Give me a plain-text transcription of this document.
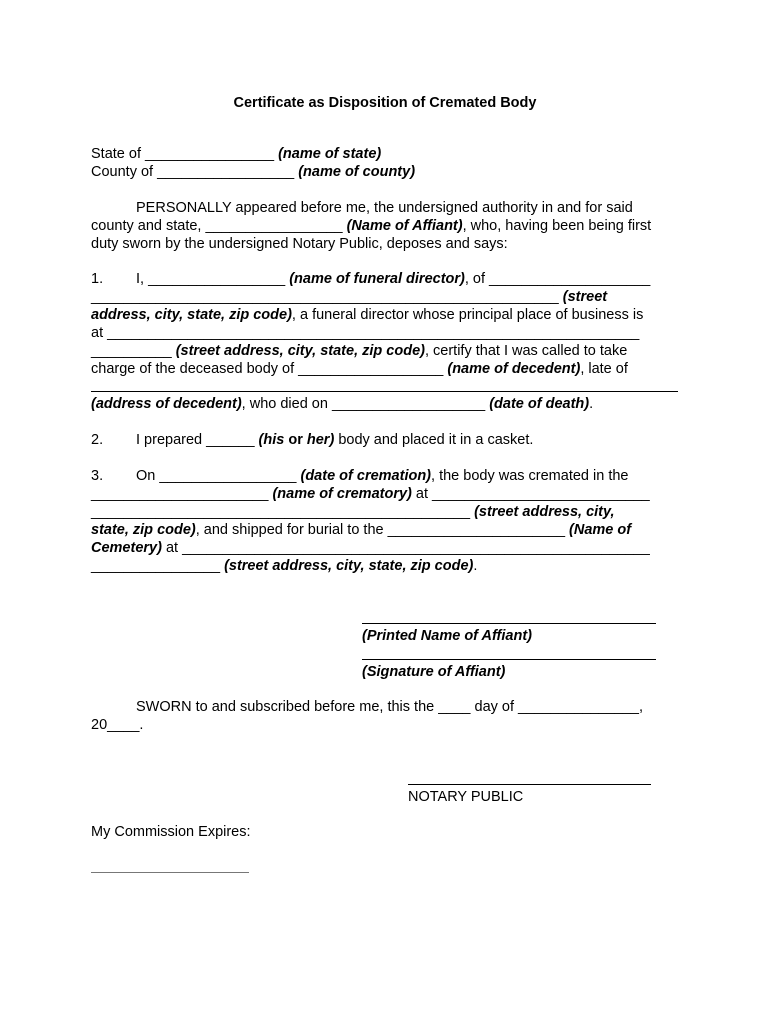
Certificate as Disposition of Cremated Body
State of ________________ (name of state)
County of _________________ (name of county)
PERSONALLY appeared before me, the undersigned authority in and for said
county and state, _________________ (Name of Affiant), who, having been being first
duty sworn by the undersigned Notary Public, deposes and says:
1. I, _________________ (name of funeral director), of ____________________
__________________________________________________________ (street
address, city, state, zip code), a funeral director whose principal place of business is
at __________________________________________________________________
__________ (street address, city, state, zip code), certify that I was called to take
charge of the deceased body of __________________ (name of decedent), late of
(address of decedent), who died on ___________________ (date of death).
2. I prepared ______ (his or her) body and placed it in a casket.
3. On _________________ (date of cremation), the body was cremated in the
______________________ (name of crematory) at ___________________________
_______________________________________________ (street address, city,
state, zip code), and shipped for burial to the ______________________ (Name of
Cemetery) at __________________________________________________________
________________ (street address, city, state, zip code).
(Printed Name of Affiant)
(Signature of Affiant)
SWORN to and subscribed before me, this the ____ day of _______________,
20____.
NOTARY PUBLIC
My Commission Expires:
